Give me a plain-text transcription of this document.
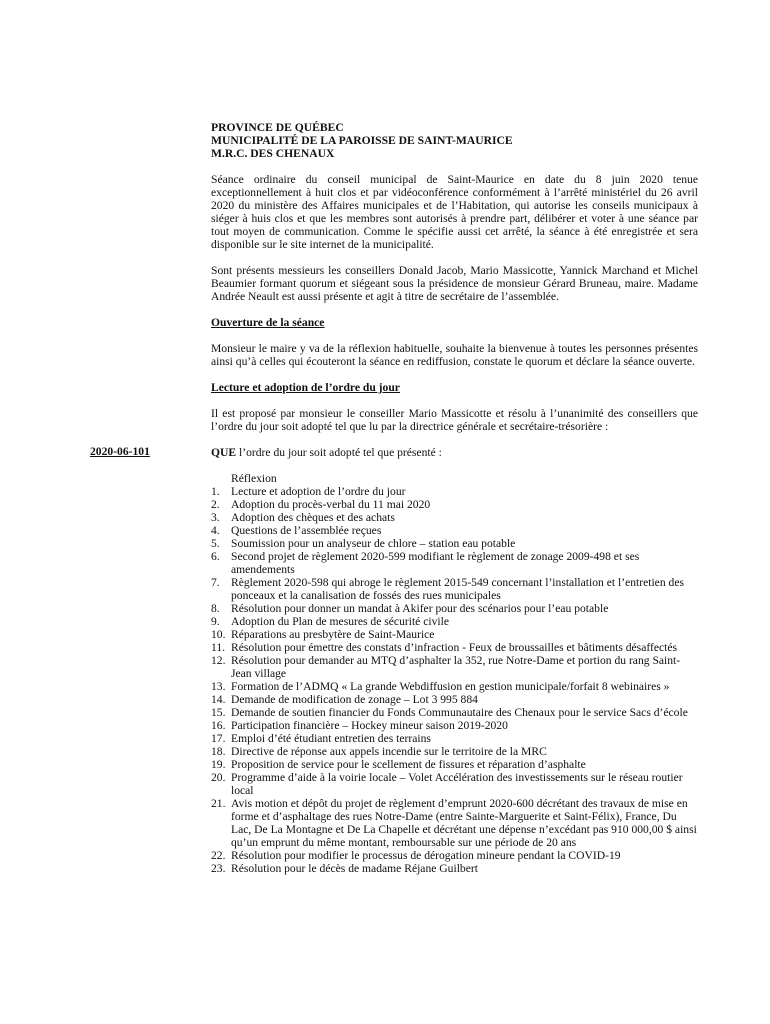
2020-06-101
PROVINCE DE QUÉBEC
MUNICIPALITÉ DE LA PAROISSE DE SAINT-MAURICE
M.R.C. DES CHENAUX

Séance ordinaire du conseil municipal de Saint-Maurice en date du 8 juin 2020 tenue exceptionnellement à huit clos et par vidéoconférence conformément à l’arrêté ministériel du 26 avril 2020 du ministère des Affaires municipales et de l’Habitation, qui autorise les conseils municipaux à siéger à huis clos et que les membres sont autorisés à prendre part, délibérer et voter à une séance par tout moyen de communication. Comme le spécifie aussi cet arrêté, la séance à été enregistrée et sera disponible sur le site internet de la municipalité.

Sont présents messieurs les conseillers Donald Jacob, Mario Massicotte, Yannick Marchand et Michel Beaumier formant quorum et siégeant sous la présidence de monsieur Gérard Bruneau, maire. Madame Andrée Neault est aussi présente et agit à titre de secrétaire de l’assemblée.

Ouverture de la séance

Monsieur le maire y va de la réflexion habituelle, souhaite la bienvenue à toutes les personnes présentes ainsi qu’à celles qui écouteront la séance en rediffusion, constate le quorum et déclare la séance ouverte.

Lecture et adoption de l’ordre du jour

Il est proposé par monsieur le conseiller Mario Massicotte et résolu à l’unanimité des conseillers que l’ordre du jour soit adopté tel que lu par la directrice générale et secrétaire-trésorière :

QUE l’ordre du jour soit adopté tel que présenté :

Réflexion
1. Lecture et adoption de l’ordre du jour
2. Adoption du procès-verbal du 11 mai 2020
3. Adoption des chèques et des achats
4. Questions de l’assemblée reçues
5. Soumission pour un analyseur de chlore – station eau potable
6. Second projet de règlement 2020-599 modifiant le règlement de zonage 2009-498 et ses amendements
7. Règlement 2020-598 qui abroge le règlement 2015-549 concernant l’installation et l’entretien des ponceaux et la canalisation de fossés des rues municipales
8. Résolution pour donner un mandat à Akifer pour des scénarios pour l’eau potable
9. Adoption du Plan de mesures de sécurité civile
10. Réparations au presbytère de Saint-Maurice
11. Résolution pour émettre des constats d’infraction - Feux de broussailles et bâtiments désaffectés
12. Résolution pour demander au MTQ d’asphalter la 352, rue Notre-Dame et portion du rang Saint-Jean village
13. Formation de l’ADMQ « La grande Webdiffusion en gestion municipale/forfait 8 webinaires »
14. Demande de modification de zonage – Lot 3 995 884
15. Demande de soutien financier du Fonds Communautaire des Chenaux pour le service Sacs d’école
16. Participation financière – Hockey mineur saison 2019-2020
17. Emploi d’été étudiant entretien des terrains
18. Directive de réponse aux appels incendie sur le territoire de la MRC
19. Proposition de service pour le scellement de fissures et réparation d’asphalte
20. Programme d’aide à la voirie locale – Volet Accélération des investissements sur le réseau routier local
21. Avis motion et dépôt du projet de règlement d’emprunt 2020-600 décrétant des travaux de mise en forme et d’asphaltage des rues Notre-Dame (entre Sainte-Marguerite et Saint-Félix), France, Du Lac, De La Montagne et De La Chapelle et décrétant une dépense n’excédant pas 910 000,00 $ ainsi qu’un emprunt du même montant, remboursable sur une période de 20 ans
22. Résolution pour modifier le processus de dérogation mineure pendant la COVID-19
23. Résolution pour le décès de madame Réjane Guilbert
